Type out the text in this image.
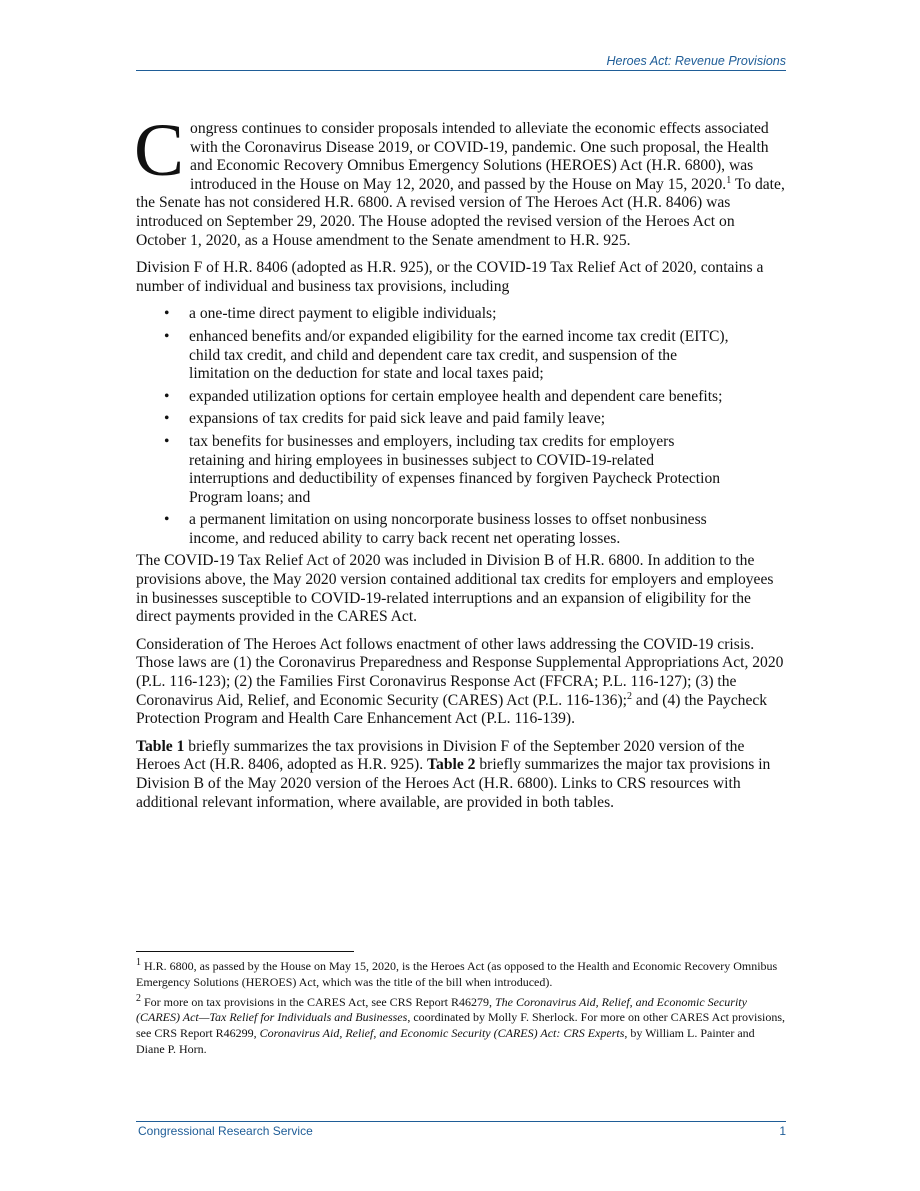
Heroes Act: Revenue Provisions

Congress continues to consider proposals intended to alleviate the economic effects associated with the Coronavirus Disease 2019, or COVID-19, pandemic. One such proposal, the Health and Economic Recovery Omnibus Emergency Solutions (HEROES) Act (H.R. 6800), was introduced in the House on May 12, 2020, and passed by the House on May 15, 2020.$^1$ To date, the Senate has not considered H.R. 6800. A revised version of The Heroes Act (H.R. 8406) was introduced on September 29, 2020. The House adopted the revised version of the Heroes Act on October 1, 2020, as a House amendment to the Senate amendment to H.R. 925.

Division F of H.R. 8406 (adopted as H.R. 925), or the COVID-19 Tax Relief Act of 2020, contains a number of individual and business tax provisions, including

• a one-time direct payment to eligible individuals;
• enhanced benefits and/or expanded eligibility for the earned income tax credit (EITC), child tax credit, and child and dependent care tax credit, and suspension of the limitation on the deduction for state and local taxes paid;
• expanded utilization options for certain employee health and dependent care benefits;
• expansions of tax credits for paid sick leave and paid family leave;
• tax benefits for businesses and employers, including tax credits for employers retaining and hiring employees in businesses subject to COVID-19-related interruptions and deductibility of expenses financed by forgiven Paycheck Protection Program loans; and
• a permanent limitation on using noncorporate business losses to offset nonbusiness income, and reduced ability to carry back recent net operating losses.

The COVID-19 Tax Relief Act of 2020 was included in Division B of H.R. 6800. In addition to the provisions above, the May 2020 version contained additional tax credits for employers and employees in businesses susceptible to COVID-19-related interruptions and an expansion of eligibility for the direct payments provided in the CARES Act.

Consideration of The Heroes Act follows enactment of other laws addressing the COVID-19 crisis. Those laws are (1) the Coronavirus Preparedness and Response Supplemental Appropriations Act, 2020 (P.L. 116-123); (2) the Families First Coronavirus Response Act (FFCRA; P.L. 116-127); (3) the Coronavirus Aid, Relief, and Economic Security (CARES) Act (P.L. 116-136);$^2$ and (4) the Paycheck Protection Program and Health Care Enhancement Act (P.L. 116-139).

Table 1 briefly summarizes the tax provisions in Division F of the September 2020 version of the Heroes Act (H.R. 8406, adopted as H.R. 925). Table 2 briefly summarizes the major tax provisions in Division B of the May 2020 version of the Heroes Act (H.R. 6800). Links to CRS resources with additional relevant information, where available, are provided in both tables.

$^1$ H.R. 6800, as passed by the House on May 15, 2020, is the Heroes Act (as opposed to the Health and Economic Recovery Omnibus Emergency Solutions (HEROES) Act, which was the title of the bill when introduced).

$^2$ For more on tax provisions in the CARES Act, see CRS Report R46279, The Coronavirus Aid, Relief, and Economic Security (CARES) Act—Tax Relief for Individuals and Businesses, coordinated by Molly F. Sherlock. For more on other CARES Act provisions, see CRS Report R46299, Coronavirus Aid, Relief, and Economic Security (CARES) Act: CRS Experts, by William L. Painter and Diane P. Horn.

Congressional Research Service	1
